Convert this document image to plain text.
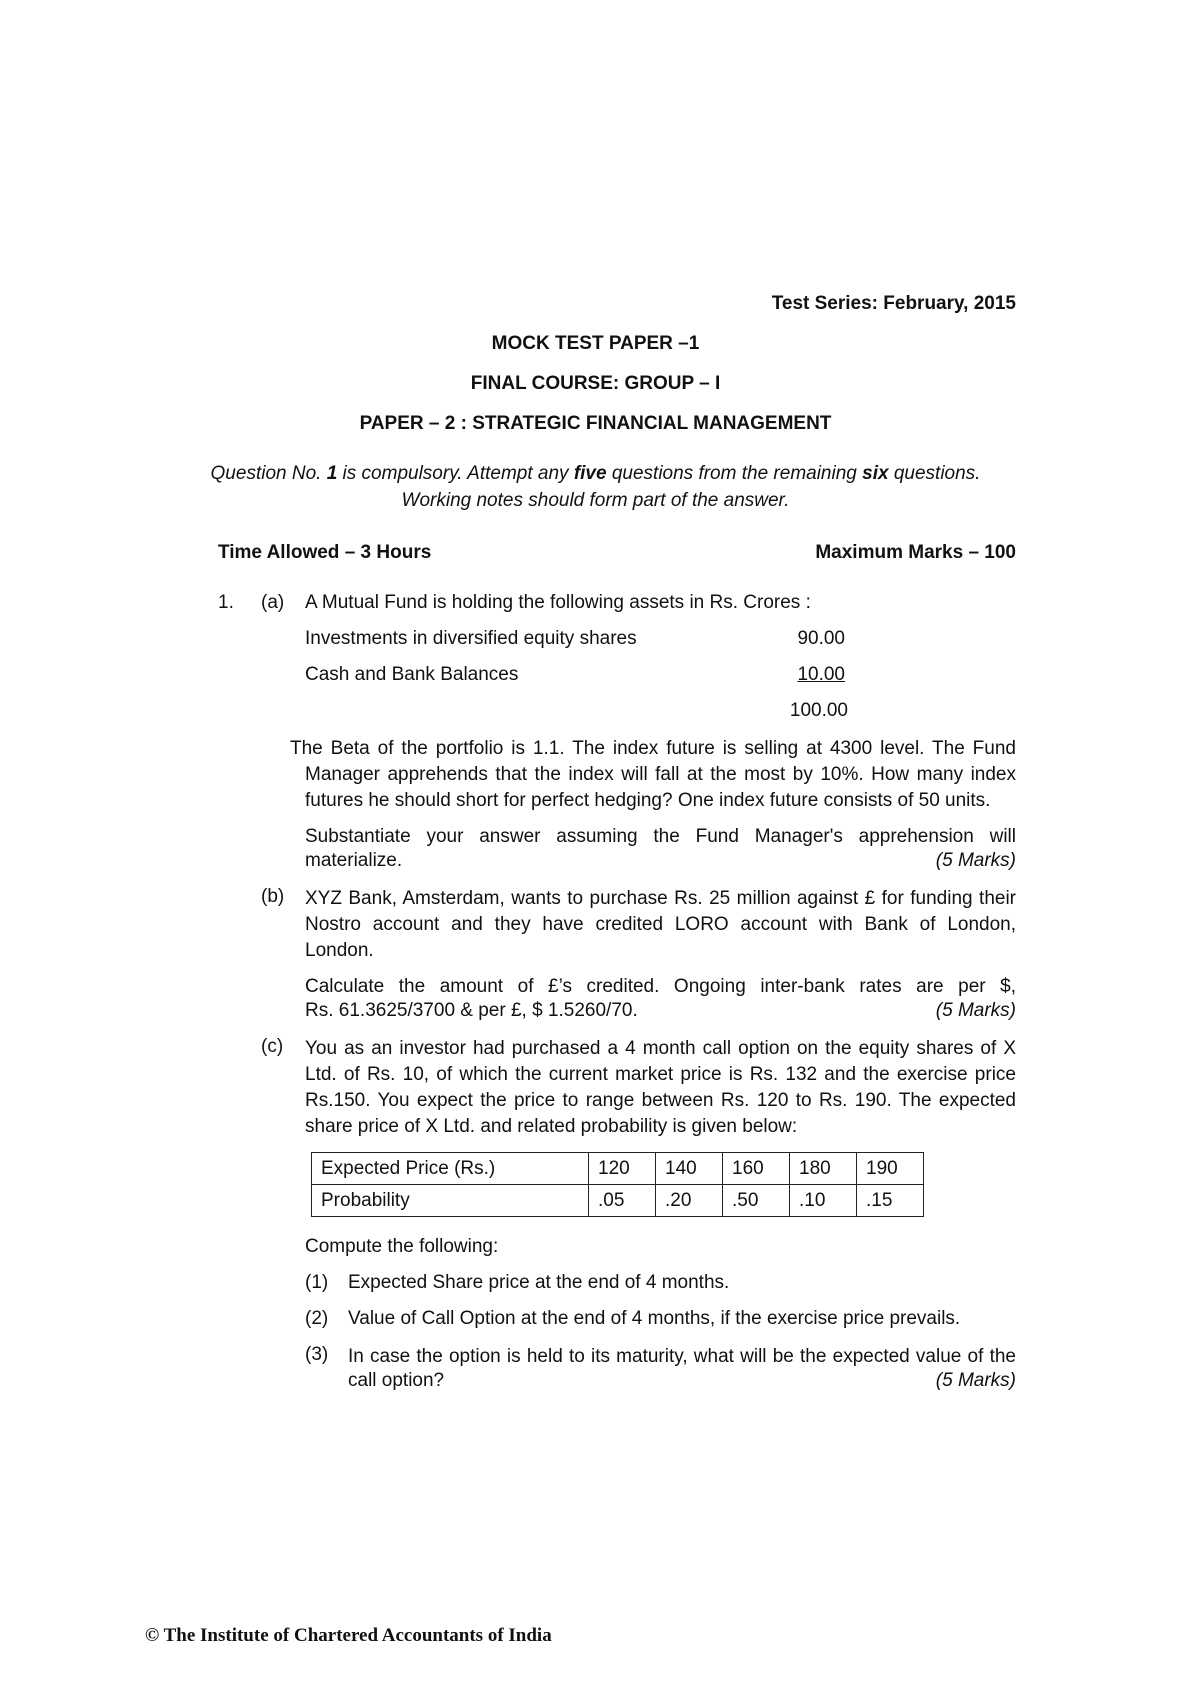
Test Series: February, 2015
MOCK TEST PAPER –1
FINAL COURSE: GROUP – I
PAPER – 2 : STRATEGIC FINANCIAL MANAGEMENT
Question No. 1 is compulsory. Attempt any five questions from the remaining six questions.
Working notes should form part of the answer.
Time Allowed – 3 Hours	Maximum Marks – 100
1. (a) A Mutual Fund is holding the following assets in Rs. Crores :
Investments in diversified equity shares	90.00
Cash and Bank Balances	10.00
100.00
The Beta of the portfolio is 1.1. The index future is selling at 4300 level. The Fund
Manager apprehends that the index will fall at the most by 10%. How many index futures he should short for perfect hedging? One index future consists of 50 units.
Substantiate your answer assuming the Fund Manager's apprehension will
materialize.	(5 Marks)
(b) XYZ Bank, Amsterdam, wants to purchase Rs. 25 million against £ for funding their Nostro account and they have credited LORO account with Bank of London, London.
Calculate the amount of £’s credited. Ongoing inter-bank rates are per $,
Rs. 61.3625/3700 & per £, $ 1.5260/70.	(5 Marks)
(c) You as an investor had purchased a 4 month call option on the equity shares of X Ltd. of Rs. 10, of which the current market price is Rs. 132 and the exercise price Rs.150. You expect the price to range between Rs. 120 to Rs. 190. The expected share price of X Ltd. and related probability is given below:
Expected Price (Rs.)	120	140	160	180	190
Probability	.05	.20	.50	.10	.15
Compute the following:
(1) Expected Share price at the end of 4 months.
(2) Value of Call Option at the end of 4 months, if the exercise price prevails.
(3) In case the option is held to its maturity, what will be the expected value of the
call option?	(5 Marks)
© The Institute of Chartered Accountants of India
